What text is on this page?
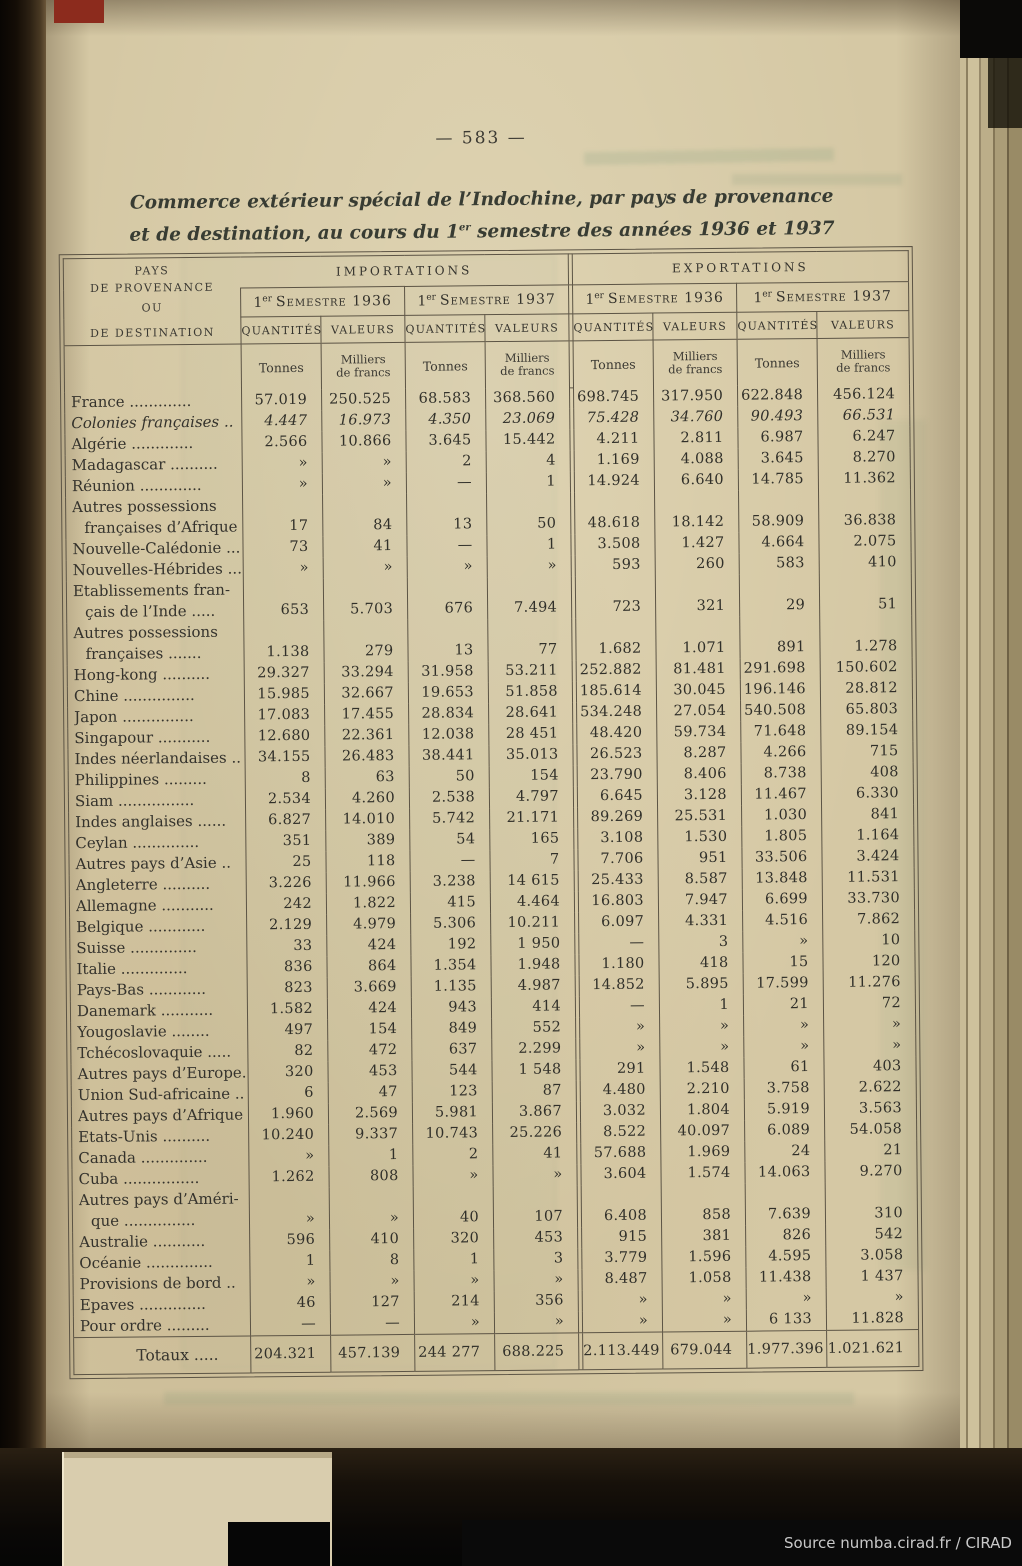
— 583 —
Commerce extérieur spécial de l’Indochine, par pays de provenance
et de destination, au cours du 1er semestre des années 1936 et 1937
PAYS
DE PROVENANCE
OU
DE DESTINATION	IMPORTATIONS					EXPORTATIONS			
	1er Semestre 1936		1er Semestre 1937			1er Semestre 1936		1er Semestre 1937	
	QUANTITÉS	VALEURS	QUANTITÉS	VALEURS		QUANTITÉS	VALEURS	QUANTITÉS	VALEURS
	Tonnes	
Milliers
de francs	Tonnes	
Milliers
de francs		Tonnes	
Milliers
de francs	Tonnes	
Milliers
de francs

France .............	57.019	250.525	68.583	368.560		698.745	317.950	622.848	456.124

Colonies françaises ..	4.447	16.973	4.350	23.069		75.428	34.760	90.493	66.531

Algérie .............	2.566	10.866	3.645	15.442		4.211	2.811	6.987	6.247

Madagascar ..........	»	»	2	4		1.169	4.088	3.645	8.270

Réunion .............	»	»	—	1		14.924	6.640	14.785	11.362

Autres possessions
françaises d’Afrique	17	84	13	50		48.618	18.142	58.909	36.838

Nouvelle-Calédonie ...	73	41	—	1		3.508	1.427	4.664	2.075

Nouvelles-Hébrides ...	»	»	»	»		593	260	583	410

Etablissements fran-
çais de l’Inde .....	653	5.703	676	7.494		723	321	29	51

Autres possessions
françaises .......	1.138	279	13	77		1.682	1.071	891	1.278

Hong-kong ..........	29.327	33.294	31.958	53.211		252.882	81.481	291.698	150.602

Chine ...............	15.985	32.667	19.653	51.858		185.614	30.045	196.146	28.812

Japon ...............	17.083	17.455	28.834	28.641		534.248	27.054	540.508	65.803

Singapour ...........	12.680	22.361	12.038	28 451		48.420	59.734	71.648	89.154

Indes néerlandaises ..	34.155	26.483	38.441	35.013		26.523	8.287	4.266	715

Philippines .........	8	63	50	154		23.790	8.406	8.738	408

Siam ................	2.534	4.260	2.538	4.797		6.645	3.128	11.467	6.330

Indes anglaises ......	6.827	14.010	5.742	21.171		89.269	25.531	1.030	841

Ceylan ..............	351	389	54	165		3.108	1.530	1.805	1.164

Autres pays d’Asie ..	25	118	—	7		7.706	951	33.506	3.424

Angleterre ..........	3.226	11.966	3.238	14 615		25.433	8.587	13.848	11.531

Allemagne ...........	242	1.822	415	4.464		16.803	7.947	6.699	33.730

Belgique ............	2.129	4.979	5.306	10.211		6.097	4.331	4.516	7.862

Suisse ..............	33	424	192	1 950		—	3	»	10

Italie ..............	836	864	1.354	1.948		1.180	418	15	120

Pays-Bas ............	823	3.669	1.135	4.987		14.852	5.895	17.599	11.276

Danemark ...........	1.582	424	943	414		—	1	21	72

Yougoslavie ........	497	154	849	552		»	»	»	»

Tchécoslovaquie .....	82	472	637	2.299		»	»	»	»

Autres pays d’Europe.	320	453	544	1 548		291	1.548	61	403

Union Sud-africaine ..	6	47	123	87		4.480	2.210	3.758	2.622

Autres pays d’Afrique	1.960	2.569	5.981	3.867		3.032	1.804	5.919	3.563

Etats-Unis ..........	10.240	9.337	10.743	25.226		8.522	40.097	6.089	54.058

Canada ..............	»	1	2	41		57.688	1.969	24	21

Cuba ................	1.262	808	»	»		3.604	1.574	14.063	9.270

Autres pays d’Améri-
que ...............	»	»	40	107		6.408	858	7.639	310

Australie ...........	596	410	320	453		915	381	826	542

Océanie ..............	1	8	1	3		3.779	1.596	4.595	3.058

Provisions de bord ..	»	»	»	»		8.487	1.058	11.438	1 437

Epaves ..............	46	127	214	356		»	»	»	»

Pour ordre .........	—	—	»	»		»	»	6 133	11.828
Totaux .....	204.321	457.139	244 277	688.225		2.113.449	679.044	1.977.396	1.021.621
Source numba.cirad.fr / CIRAD
